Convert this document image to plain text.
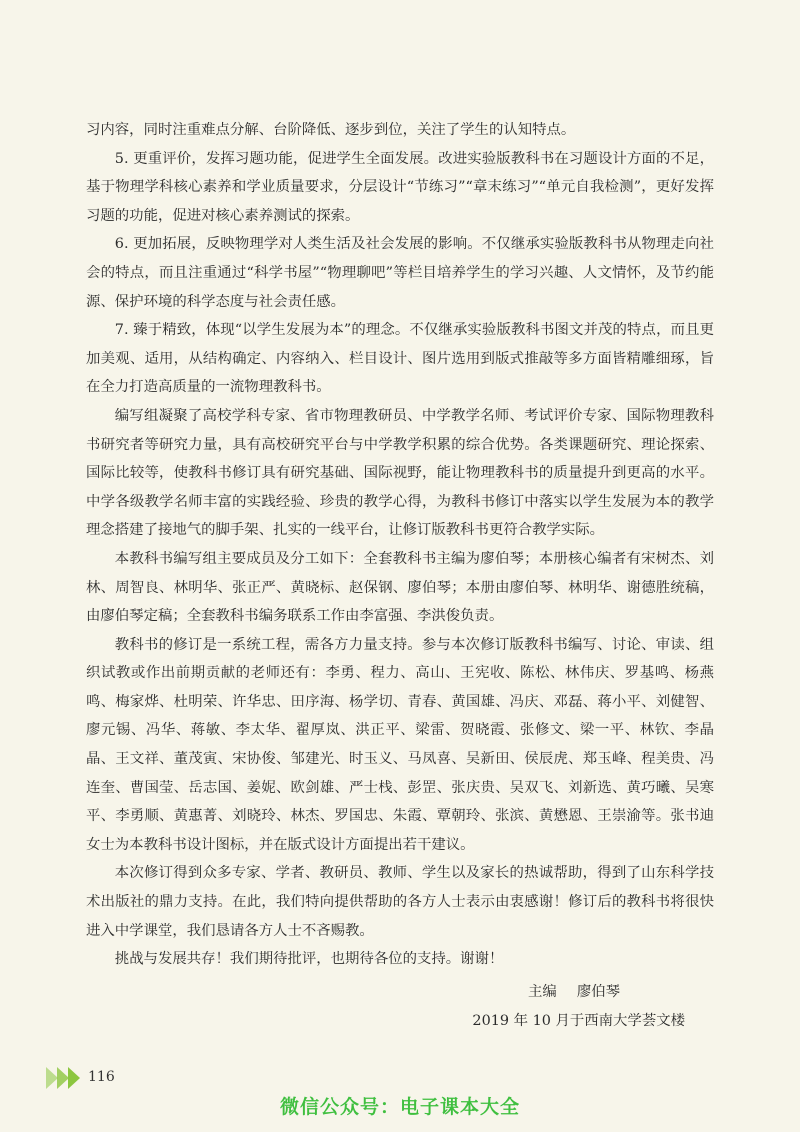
习内容，同时注重难点分解、台阶降低、逐步到位，关注了学生的认知特点。

5. 更重评价，发挥习题功能，促进学生全面发展。改进实验版教科书在习题设计方面的不足，基于物理学科核心素养和学业质量要求，分层设计“节练习”“章末练习”“单元自我检测”，更好发挥习题的功能，促进对核心素养测试的探索。

6. 更加拓展，反映物理学对人类生活及社会发展的影响。不仅继承实验版教科书从物理走向社会的特点，而且注重通过“科学书屋”“物理聊吧”等栏目培养学生的学习兴趣、人文情怀，及节约能源、保护环境的科学态度与社会责任感。

7. 臻于精致，体现“以学生发展为本”的理念。不仅继承实验版教科书图文并茂的特点，而且更加美观、适用，从结构确定、内容纳入、栏目设计、图片选用到版式推敲等多方面皆精雕细琢，旨在全力打造高质量的一流物理教科书。

编写组凝聚了高校学科专家、省市物理教研员、中学教学名师、考试评价专家、国际物理教科书研究者等研究力量，具有高校研究平台与中学教学积累的综合优势。各类课题研究、理论探索、国际比较等，使教科书修订具有研究基础、国际视野，能让物理教科书的质量提升到更高的水平。中学各级教学名师丰富的实践经验、珍贵的教学心得，为教科书修订中落实以学生发展为本的教学理念搭建了接地气的脚手架、扎实的一线平台，让修订版教科书更符合教学实际。

本教科书编写组主要成员及分工如下：全套教科书主编为廖伯琴；本册核心编者有宋树杰、刘林、周智良、林明华、张正严、黄晓标、赵保钢、廖伯琴；本册由廖伯琴、林明华、谢德胜统稿，由廖伯琴定稿；全套教科书编务联系工作由李富强、李洪俊负责。

教科书的修订是一系统工程，需各方力量支持。参与本次修订版教科书编写、讨论、审读、组织试教或作出前期贡献的老师还有：李勇、程力、高山、王宪收、陈松、林伟庆、罗基鸣、杨燕鸣、梅家烨、杜明荣、许华忠、田序海、杨学切、青春、黄国雄、冯庆、邓磊、蒋小平、刘健智、廖元锡、冯华、蒋敏、李太华、翟厚岚、洪正平、梁雷、贺晓霞、张修文、梁一平、林钦、李晶晶、王文祥、董茂寅、宋协俊、邹建光、时玉义、马凤喜、吴新田、侯辰虎、郑玉峰、程美贵、冯连奎、曹国莹、岳志国、姜妮、欧剑雄、严士栈、彭罡、张庆贵、吴双飞、刘新选、黄巧曦、吴寒平、李勇顺、黄惠菁、刘晓玲、林杰、罗国忠、朱霞、覃朝玲、张滨、黄懋恩、王崇渝等。张书迪女士为本教科书设计图标，并在版式设计方面提出若干建议。

本次修订得到众多专家、学者、教研员、教师、学生以及家长的热诚帮助，得到了山东科学技术出版社的鼎力支持。在此，我们特向提供帮助的各方人士表示由衷感谢！修订后的教科书将很快进入中学课堂，我们恳请各方人士不吝赐教。

挑战与发展共存！我们期待批评，也期待各位的支持。谢谢！

主编 廖伯琴
2019 年 10 月于西南大学荟文楼
116
微信公众号：电子课本大全
